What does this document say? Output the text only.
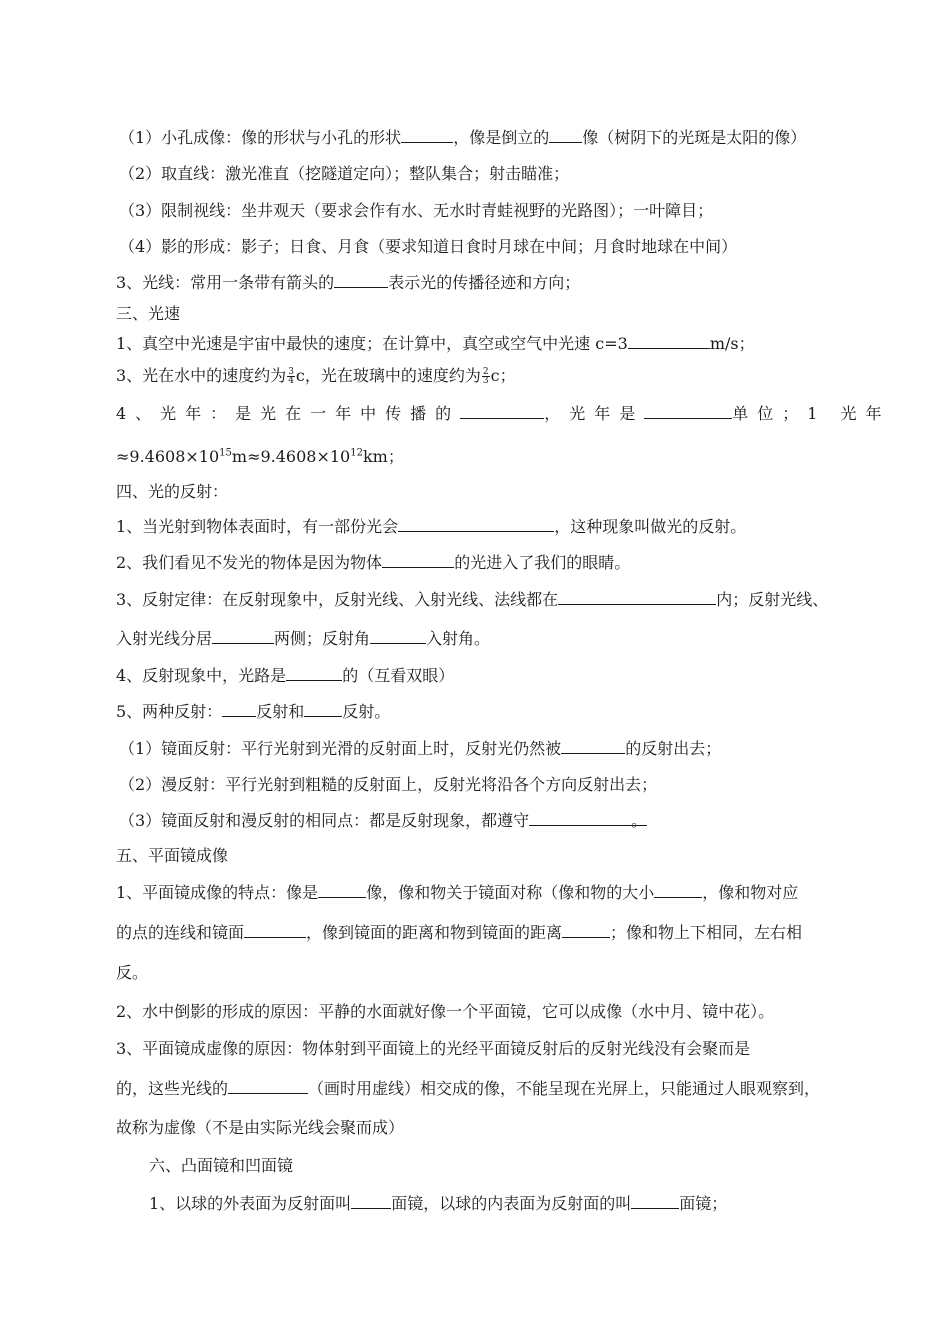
（1）小孔成像：像的形状与小孔的形状	，像是倒立的 像（树阴下的光斑是太阳的像）
（2）取直线：激光准直（挖隧道定向）；整队集合；射击瞄准；
（3）限制视线：坐井观天（要求会作有水、无水时青蛙视野的光路图）；一叶障目；
（4）影的形成：影子；日食、月食（要求知道日食时月球在中间；月食时地球在中间）
3、光线：常用一条带有箭头的	表示光的传播径迹和方向；
三、光速
1、真空中光速是宇宙中最快的速度；在计算中，真空或空气中光速 c=3	m/s；
3、光在水中的速度约为 $\frac{3}{4}$ c，光在玻璃中的速度约为 $\frac{2}{3}$ c；
4、光年：是光在一年中传播的	，光年是	单位；1 光年
$\approx 9.4608\times 10^{15}m\approx 9.4608\times 10^{12}km$；
四、光的反射：
1、当光射到物体表面时，有一部份光会	，这种现象叫做光的反射。
2、我们看见不发光的物体是因为物体	的光进入了我们的眼睛。
3、反射定律：在反射现象中，反射光线、入射光线、法线都在	内；反射光线、
入射光线分居	两侧；反射角	入射角。
4、反射现象中，光路是	的（互看双眼）
5、两种反射： 反射和 反射。
（1）镜面反射：平行光射到光滑的反射面上时，反射光仍然被	的反射出去；
（2）漫反射：平行光射到粗糙的反射面上，反射光将沿各个方向反射出去；
（3）镜面反射和漫反射的相同点：都是反射现象，都遵守	。
五、平面镜成像
1、平面镜成像的特点：像是	像，像和物关于镜面对称（像和物的大小	，像和物对应
的点的连线和镜面	，像到镜面的距离和物到镜面的距离	；像和物上下相同，左右相
反。
2、水中倒影的形成的原因：平静的水面就好像一个平面镜，它可以成像（水中月、镜中花）。
3、平面镜成虚像的原因：物体射到平面镜上的光经平面镜反射后的反射光线没有会聚而是
的，这些光线的	（画时用虚线）相交成的像，不能呈现在光屏上，只能通过人眼观察到，
故称为虚像（不是由实际光线会聚而成）
六、凸面镜和凹面镜
1、以球的外表面为反射面叫	面镜，以球的内表面为反射面的叫	面镜；
